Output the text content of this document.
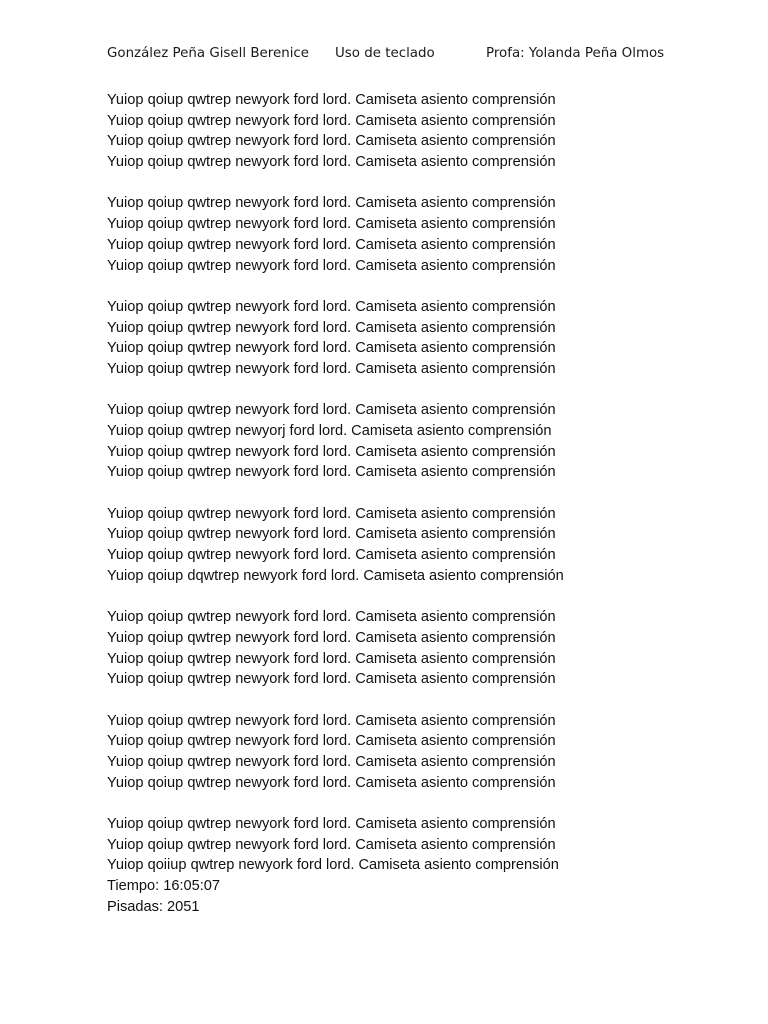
González Peña Gisell Berenice Uso de teclado	Profa: Yolanda Peña Olmos
Yuiop qoiup qwtrep newyork ford lord. Camiseta asiento comprensión
Yuiop qoiup qwtrep newyork ford lord. Camiseta asiento comprensión
Yuiop qoiup qwtrep newyork ford lord. Camiseta asiento comprensión
Yuiop qoiup qwtrep newyork ford lord. Camiseta asiento comprensión
Yuiop qoiup qwtrep newyork ford lord. Camiseta asiento comprensión
Yuiop qoiup qwtrep newyork ford lord. Camiseta asiento comprensión
Yuiop qoiup qwtrep newyork ford lord. Camiseta asiento comprensión
Yuiop qoiup qwtrep newyork ford lord. Camiseta asiento comprensión
Yuiop qoiup qwtrep newyork ford lord. Camiseta asiento comprensión
Yuiop qoiup qwtrep newyork ford lord. Camiseta asiento comprensión
Yuiop qoiup qwtrep newyork ford lord. Camiseta asiento comprensión
Yuiop qoiup qwtrep newyork ford lord. Camiseta asiento comprensión
Yuiop qoiup qwtrep newyork ford lord. Camiseta asiento comprensión
Yuiop qoiup qwtrep newyorj ford lord. Camiseta asiento comprensión
Yuiop qoiup qwtrep newyork ford lord. Camiseta asiento comprensión
Yuiop qoiup qwtrep newyork ford lord. Camiseta asiento comprensión
Yuiop qoiup qwtrep newyork ford lord. Camiseta asiento comprensión
Yuiop qoiup qwtrep newyork ford lord. Camiseta asiento comprensión
Yuiop qoiup qwtrep newyork ford lord. Camiseta asiento comprensión
Yuiop qoiup dqwtrep newyork ford lord. Camiseta asiento comprensión
Yuiop qoiup qwtrep newyork ford lord. Camiseta asiento comprensión
Yuiop qoiup qwtrep newyork ford lord. Camiseta asiento comprensión
Yuiop qoiup qwtrep newyork ford lord. Camiseta asiento comprensión
Yuiop qoiup qwtrep newyork ford lord. Camiseta asiento comprensión
Yuiop qoiup qwtrep newyork ford lord. Camiseta asiento comprensión
Yuiop qoiup qwtrep newyork ford lord. Camiseta asiento comprensión
Yuiop qoiup qwtrep newyork ford lord. Camiseta asiento comprensión
Yuiop qoiup qwtrep newyork ford lord. Camiseta asiento comprensión
Yuiop qoiup qwtrep newyork ford lord. Camiseta asiento comprensión
Yuiop qoiup qwtrep newyork ford lord. Camiseta asiento comprensión
Yuiop qoiiup qwtrep newyork ford lord. Camiseta asiento comprensión
Tiempo: 16:05:07
Pisadas: 2051
